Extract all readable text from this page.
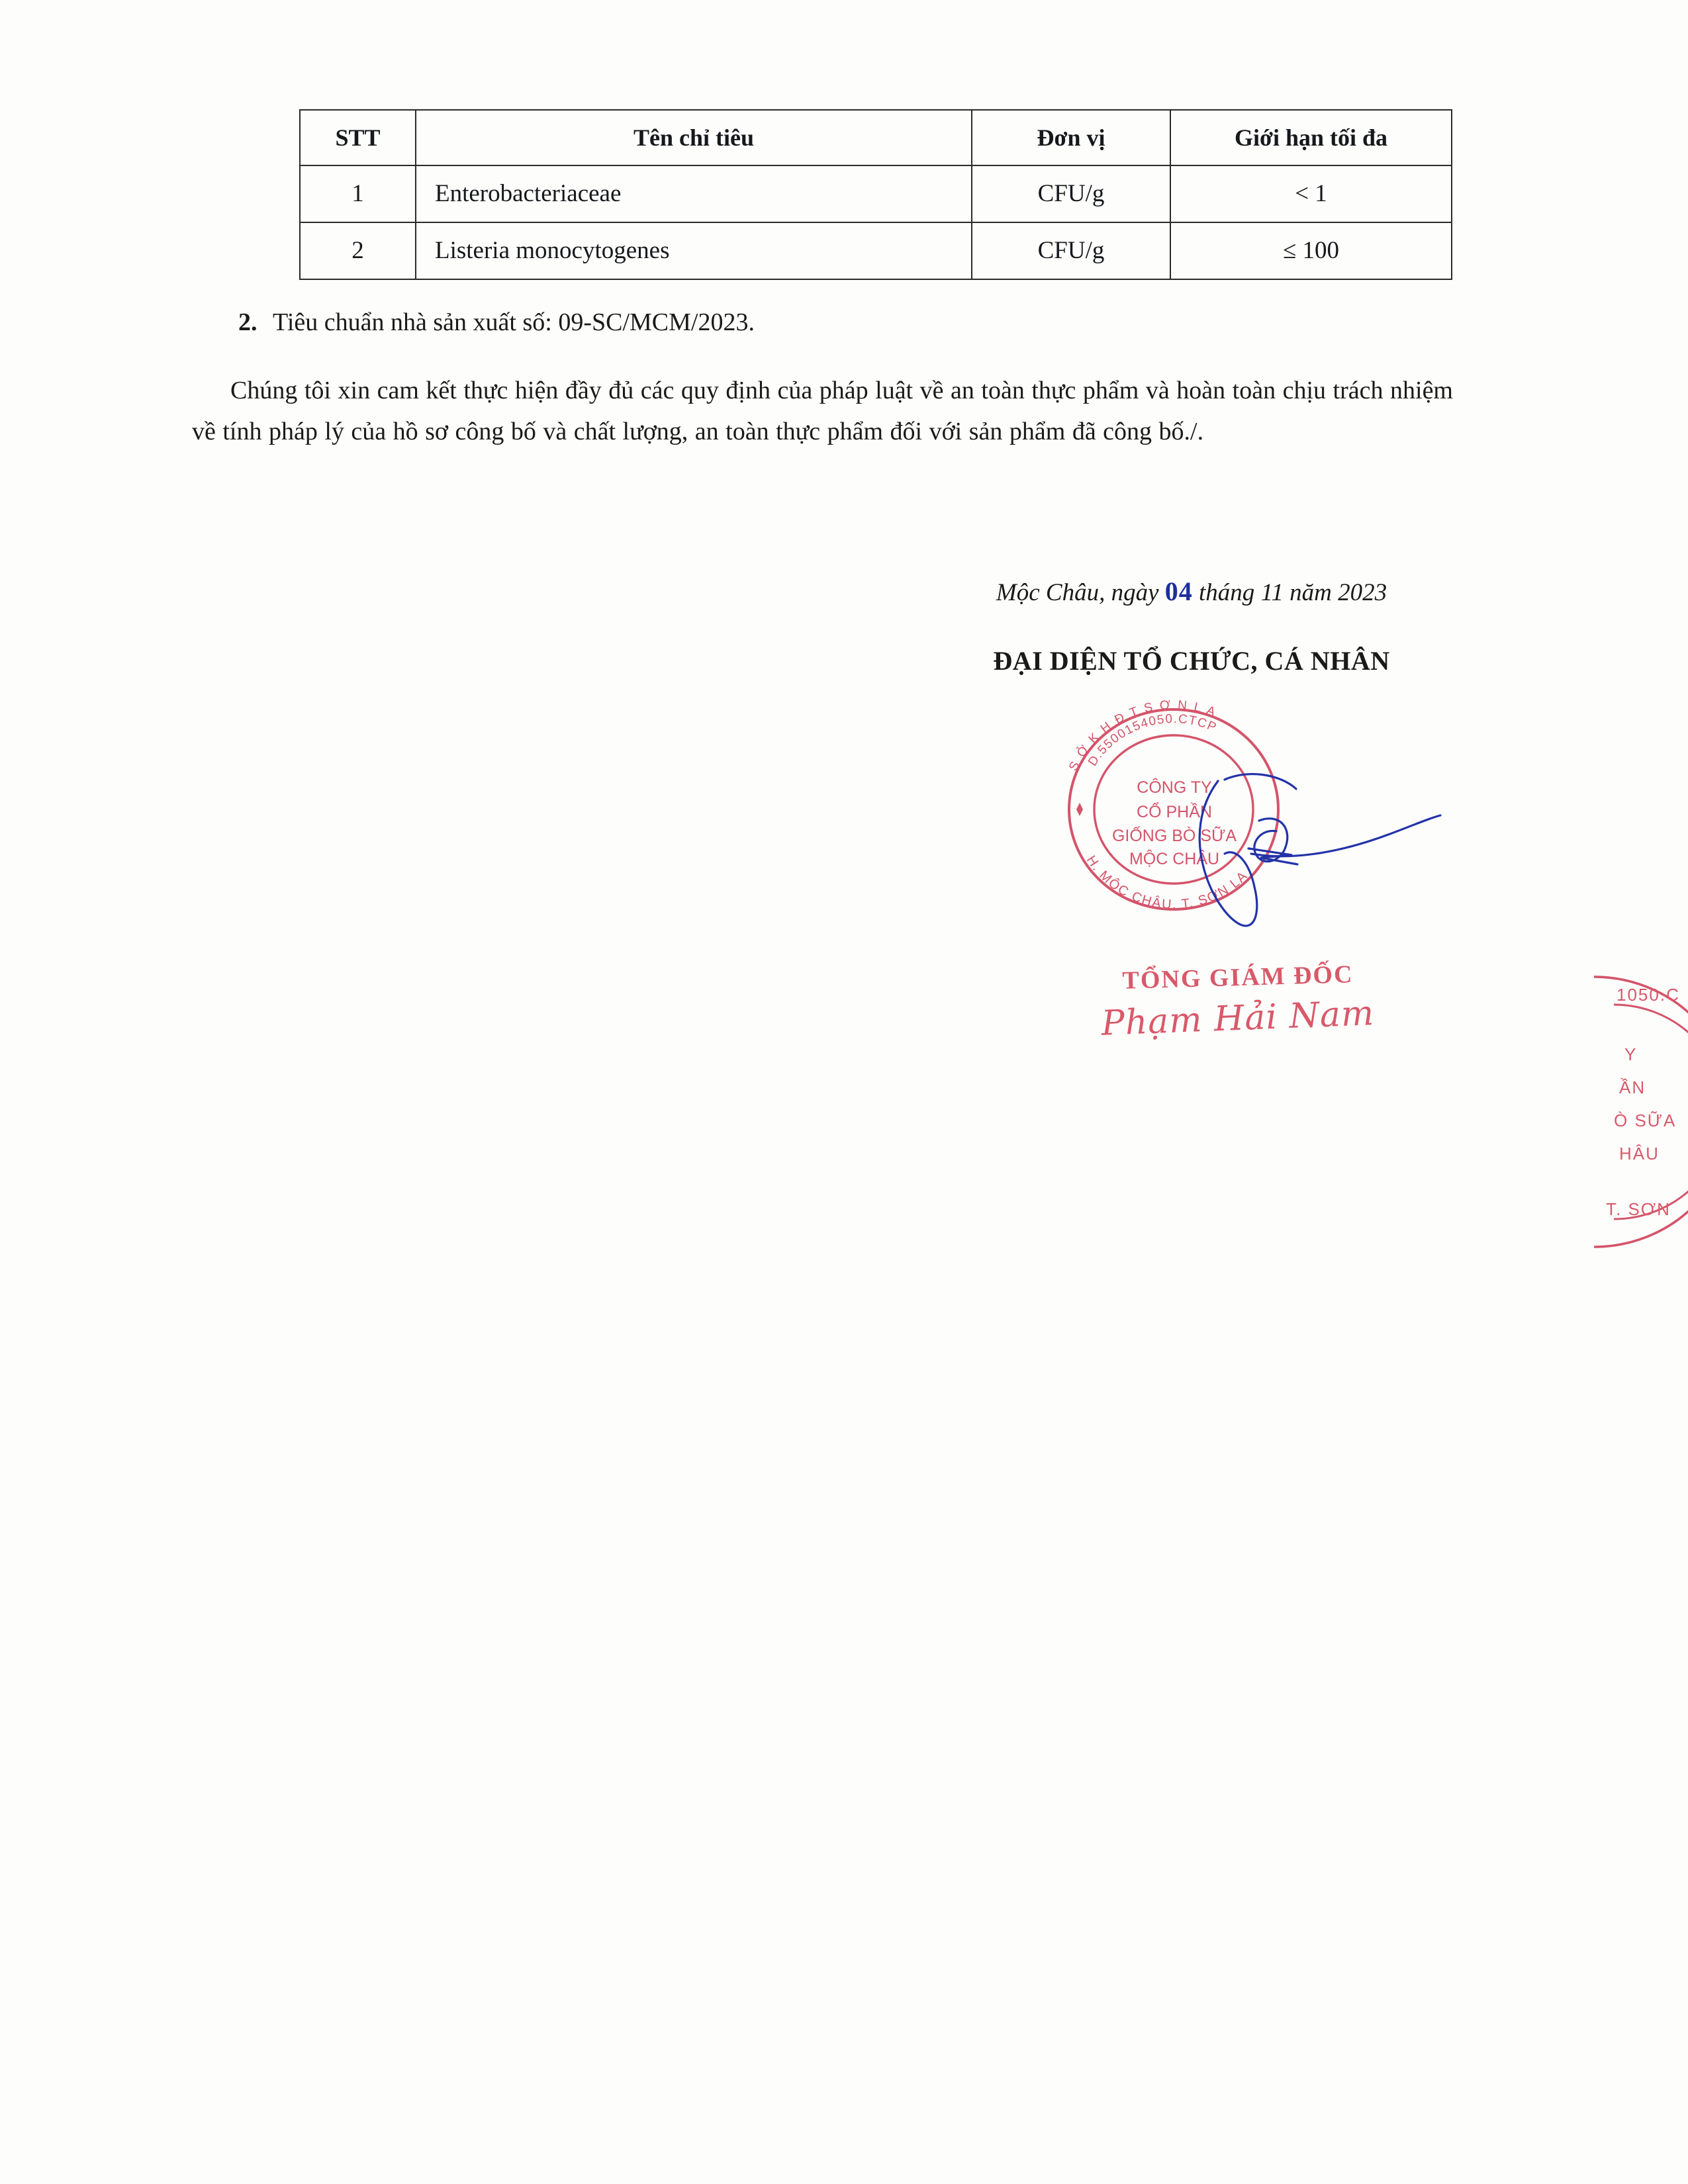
STT	Tên chỉ tiêu	Đơn vị	Giới hạn tối đa
1	Enterobacteriaceae	CFU/g	< 1
2	Listeria monocytogenes	CFU/g	≤ 100
2. Tiêu chuẩn nhà sản xuất số: 09-SC/MCM/2023.
Chúng tôi xin cam kết thực hiện đầy đủ các quy định của pháp luật về an toàn thực phẩm và hoàn toàn chịu trách nhiệm về tính pháp lý của hồ sơ công bố và chất lượng, an toàn thực phẩm đối với sản phẩm đã công bố./.
Mộc Châu, ngày 04 tháng 11 năm 2023
ĐẠI DIỆN TỔ CHỨC, CÁ NHÂN
S Ở K H Đ T S Ơ N L A
D.5500154050.CTCP
H. MỘC CHÂU, T. SƠN LA
CÔNG TY
CỔ PHẦN
GIỐNG BÒ SỮA
MỘC CHÂU
TỔNG GIÁM ĐỐC
Phạm Hải Nam	1050.C
Y
ẦN
Ò SỮA
HÂU
T. SƠN
